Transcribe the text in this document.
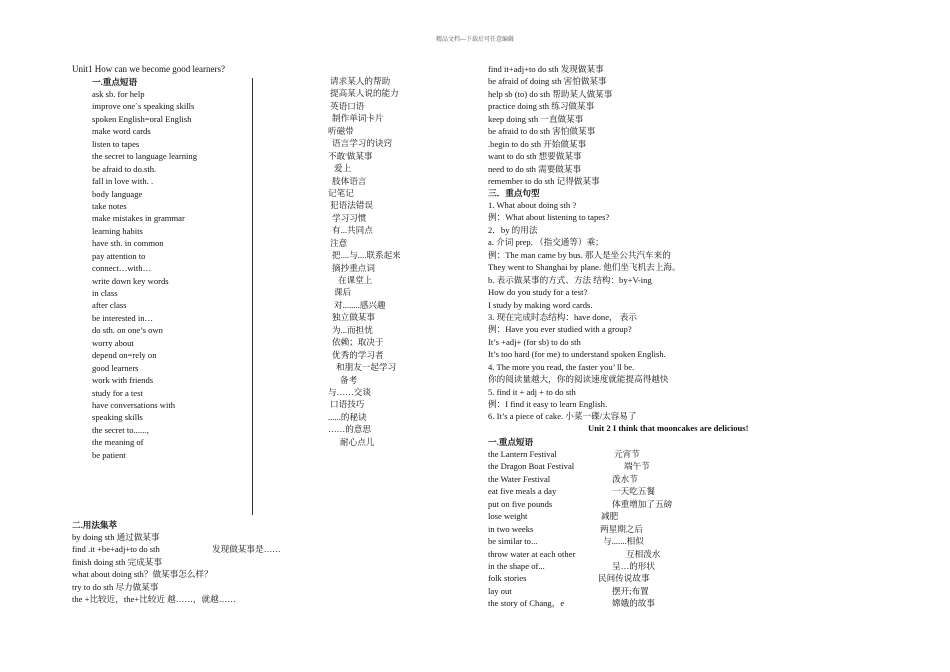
精品文档---下载后可任意编辑
Unit1 How can we become good learners?
一.重点短语
ask sb. for help
improve one`s speaking skills
spoken English=oral English
make word cards
listen to tapes
the secret to language learning
be afraid to do.sth.
fall in love with. .
body language
take notes
make mistakes in grammar
learning habits
have sth. in common
pay attention to
connect…with…
write down key words
in class
after class
be interested in…
do sth. on one’s own
worry about
depend on=rely on
good learners
work with friends
study for a test
have conversations with
speaking skills
the secret to......，
the meaning of
be patient
请求某人的帮助
提高某人说的能力
英语口语
制作单词卡片
听磁带
语言学习的诀窍
不敢'做某事
爱上
肢体语言
记笔记
犯语法错误
学习习惯
有...共同点
注意
把....与....联系起来
摘抄重点词
在课堂上
课后
对........感兴趣
独立做某事
为...而担忧
依赖；取决于
优秀的学习者
和朋友一起学习
备考
与……交谈
口语技巧
......的秘诀
……的意思
耐心点儿
二.用法集萃
by doing sth 通过做某事
find .it +be+adj+to do sth
finish doing sth 完成某事
what about doing sth？做某事怎么样？
try to do sth 尽力做某事
the +比较近，the+比较近 越……，就越……
发现做某事是……
find it+adj+to do sth 发现做某事
be afraid of doing sth 害怕做某事
help sb (to) do sth 帮助某人做某事
practice doing sth 练习做某事
keep doing sth 一直做某事
be afraid to do sth 害怕做某事
.begin to do sth 开始做某事
want to do sth 想要做某事
need to do sth 需要做某事
remember to do sth 记得做某事
三．重点句型
1. What about doing sth ?
例：What about listening to tapes?
2．by 的用法
a. 介词 prep. （指交通等）乘；
例：The man came by bus. 那人是坐公共汽车来的
They went to Shanghai by plane. 他们坐飞机去上海。
b. 表示做某事的方式、方法 结构：by+V-ing
How do you study for a test?
I study by making word cards.
3. 现在完成时态结构：have done， 表示
例：Have you ever studied with a group?
It’s +adj+ (for sb) to do sth
It’s too hard (for me) to understand spoken English.
4. The more you read, the faster you’ ll be.
你的阅读量越大，你的阅读速度就能提高得越快
5. find it + adj + to do sth
例：I find it easy to learn English.
6. It’s a piece of cake. 小菜一碟/太容易了
Unit 2 I think that mooncakes are delicious!
一.重点短语
the Lantern Festival
the Dragon Boat Festival
the Water Festival
eat five meals a day
put on five pounds
lose weight
in two weeks
be similar to...
throw water at each other
in the shape of...
folk stories
lay out
the story of Chang，e
元宵节
端午节
泼水节
一天吃五餐
体重增加了五磅
减肥
两星期之后
与.......相似
互相泼水
呈…的形状
民间传说故事
摆开;布置
嫦娥的故事
